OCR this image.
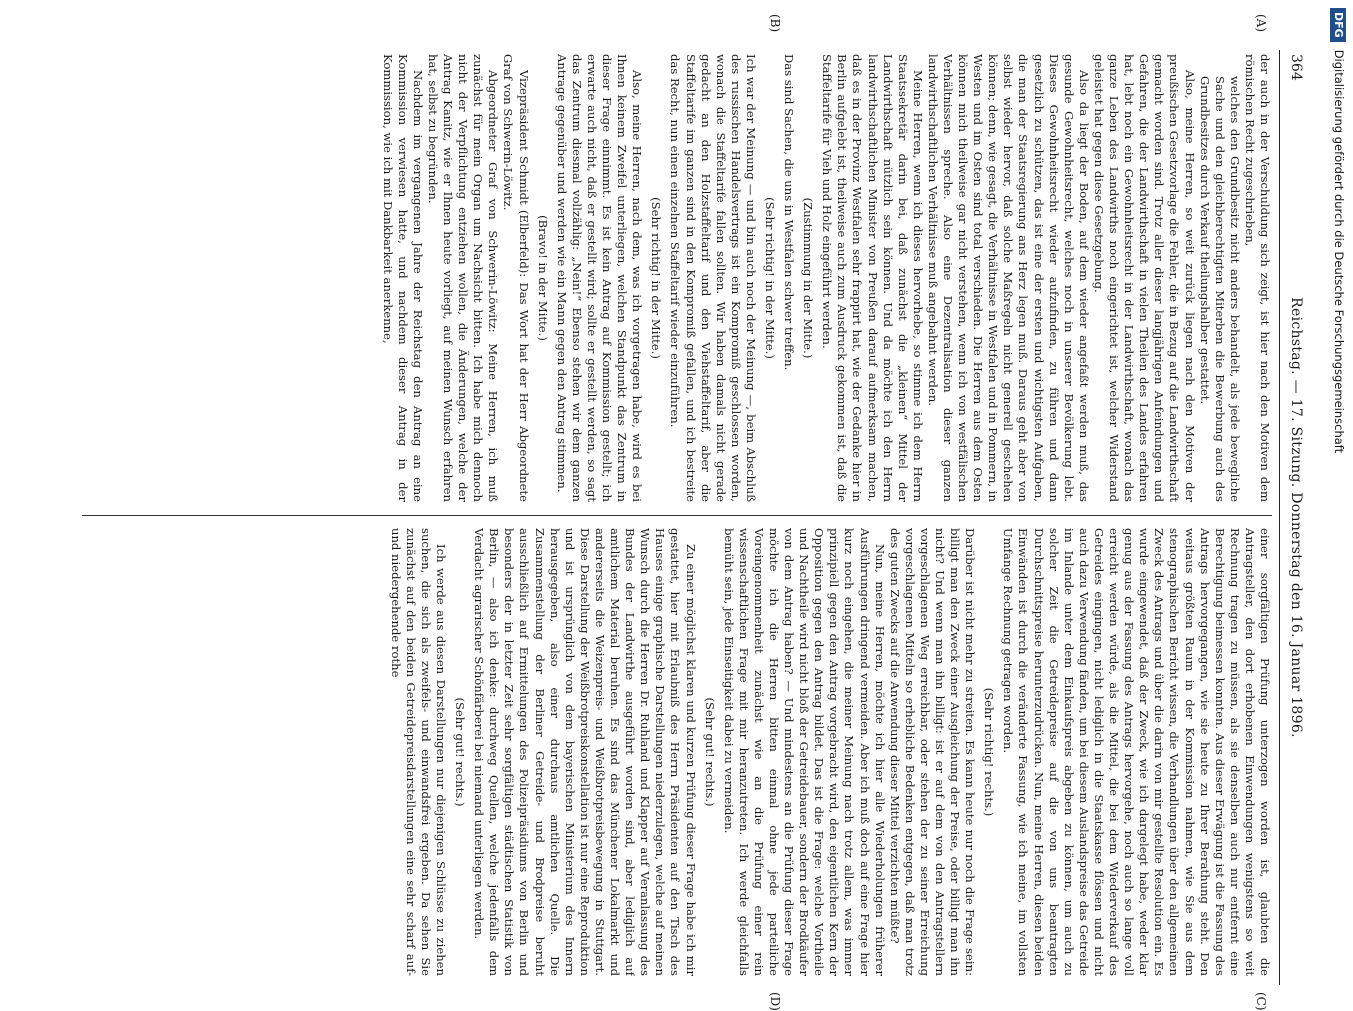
364
Reichstag. — 17. Sitzung. Donnerstag den 16. Januar 1896.
(A)
(B)
(C)
(D)

der auch in der Verschuldung sich zeigt, ist hier nach den Motiven dem römischen Recht zugeschrieben,

welches den Grundbesitz nicht anders behandelt, als jede bewegliche Sache und den gleichberechtigten Miterben die Bewerbung auch des Grundbesitzes durch Verkauf theilungshalber gestattet.

Also, meine Herren, so weit zurück liegen nach den Motiven der preußischen Gesetzvorlage die Fehler, die in Bezug auf die Landwirthschaft gemacht worden sind. Trotz aller dieser langjährigen Anfeindungen und Gefahren, die der Landwirthschaft in vielen Theilen des Landes erfahren hat, lebt noch ein Gewohnheitsrecht in der Landwirthschaft, wonach das ganze Leben des Landwirths noch eingerichtet ist, welcher Widerstand geleistet hat gegen diese Gesetzgebung.

Also da liegt der Boden, auf dem wieder angefaßt werden muß, das gesunde Gewohnheitsrecht, welches noch in unserer Bevölkerung lebt. Dieses Gewohnheitsrecht wieder aufzufinden, zu führen und dann gesetzlich zu schützen, das ist eine der ersten und wichtigsten Aufgaben, die man der Staatsregierung ans Herz legen muß. Daraus geht aber von selbst wieder hervor, daß solche Maßregeln nicht generell geschehen können; denn, wie gesagt, die Verhältnisse in Westfalen und in Pommern, in Westen und im Osten sind total verschieden. Die Herren aus dem Osten können mich theilweise gar nicht verstehen, wenn ich von westfälischen Verhältnissen spreche. Also eine Dezentralisation dieser ganzen landwirthschaftlichen Verhältnisse muß angebahnt werden.

Meine Herren, wenn ich dieses hervorhebe, so stimme ich dem Herrn Staatssekretär darin bei, daß zunächst die „kleinen“ Mittel der Landwirthschaft nützlich sein können. Und da möchte ich den Herrn landwirthschaftlichen Minister von Preußen darauf aufmerksam machen, daß es in der Provinz Westfalen sehr frappirt hat, wie der Gedanke hier in Berlin aufgelebt ist, theilweise auch zum Ausdruck gekommen ist, daß die Staffeltarife für Vieh und Holz eingeführt werden.

(Zustimmung in der Mitte.)

Das sind Sachen, die uns in Westfalen schwer treffen.

(Sehr richtig! in der Mitte.)

Ich war der Meinung — und bin auch noch der Meinung —, beim Abschluß des russischen Handelsvertrags ist ein Kompromiß geschlossen worden, wonach die Staffeltarife fallen sollten. Wir haben damals nicht gerade gedacht an den Holzstaffeltarif und den Viehstaffeltarif, aber die Staffeltarife im ganzen sind in den Kompromiß gefallen, und ich bestreite das Recht, nun einen einzelnen Staffeltarif wieder einzuführen.

(Sehr richtig! in der Mitte.)

Also, meine Herren, nach dem, was ich vorgetragen habe, wird es bei Ihnen keinem Zweifel unterliegen, welchen Standpunkt das Zentrum in dieser Frage einnimmt. Es ist kein Antrag auf Kommission gestellt; ich erwarte auch nicht, daß er gestellt wird; sollte er gestellt werden, so sagt das Zentrum diesmal vollzählig: „Nein!“ Ebenso stehen wir dem ganzen Antrage gegenüber und werden wie ein Mann gegen den Antrag stimmen.

(Bravo! in der Mitte.)

Vizepräsident Schmidt (Elberfeld): Das Wort hat der Herr Abgeordnete Graf von Schwerin-Löwitz.

Abgeordneter Graf von Schwerin-Löwitz: Meine Herren, ich muß zunächst für mein Organ um Nachsicht bitten. Ich habe mich dennoch nicht der Verpflichtung entziehen wollen, die Änderungen, welche der Antrag Kanitz, wie er Ihnen heute vorliegt, auf meinen Wunsch erfahren hat, selbst zu begründen.

Nachdem im vergangenen Jahre der Reichstag den Antrag an eine Kommission verwiesen hatte, und nachdem dieser Antrag in der Kommission, wie ich mit Dankbarkeit anerkenne,

einer sorgfältigen Prüfung unterzogen worden ist, glaubten die Antragsteller, den dort erhobenen Einwendungen wenigstens so weit Rechnung tragen zu müssen, als sie denselben auch nur entfernt eine Berechtigung beimessen konnten. Aus dieser Erwägung ist die Fassung des Antrags hervorgegangen, wie sie heute zu Ihrer Berathung steht. Den weitaus größten Raum in der Kommission nahmen, wie Sie aus dem stenographischen Bericht wissen, die Verhandlungen über den allgemeinen Zweck des Antrags und über die darin von mir gestellte Resolution ein. Es wurde eingewendet, daß der Zweck, wie ich dargelegt habe, weder klar genug aus der Fassung des Antrags hervorgehe, noch auch so lange voll erreicht werden würde, als die Mittel, die bei dem Wiederverkauf des Getreides eingingen, nicht lediglich in die Staatskasse flössen und nicht auch dazu Verwendung fänden, um bei diesem Auslandspreise das Getreide im Inlande unter dem Einkaufspreis abgeben zu können, um auch zu solcher Zeit die Getreidepreise auf die von uns beantragten Durchschnittspreise herunterzudrücken. Nun, meine Herren, diesen beiden Einwänden ist durch die veränderte Fassung, wie ich meine, im vollsten Umfange Rechnung getragen worden.

(Sehr richtig! rechts.)

Darüber ist nicht mehr zu streiten. Es kann heute nur noch die Frage sein: billigt man den Zweck einer Ausgleichung der Preise, oder billigt man ihn nicht? Und wenn man ihn billigt: ist er auf dem von den Antragstellern vorgeschlagenen Weg erreichbar, oder stehen der zu seiner Erreichung vorgeschlagenen Mitteln so erhebliche Bedenken entgegen, daß man trotz des guten Zwecks auf die Anwendung dieser Mittel verzichten müßte?

Nun, meine Herren, möchte ich hier alle Wiederholungen früherer Ausführungen dringend vermeiden. Aber ich muß doch auf eine Frage hier kurz noch eingehen, die meiner Meinung nach trotz allem, was immer prinzipiell gegen den Antrag vorgebracht wird, den eigentlichen Kern der Opposition gegen den Antrag bildet. Das ist die Frage: welche Vortheile und Nachtheile wird nicht bloß der Getreidebauer, sondern der Brodkäufer von dem Antrag haben? — Und mindestens an die Prüfung dieser Frage möchte ich die Herren bitten einmal ohne jede parteiliche Voreingenommenheit zunächst wie an die Prüfung einer rein wissenschaftlichen Frage mit mir heranzutreten. Ich werde gleichfalls bemüht sein, jede Einseitigkeit dabei zu vermeiden.

(Sehr gut! rechts.)

Zu einer möglichst klaren und kurzen Prüfung dieser Frage habe ich mir gestattet, hier mit Erlaubniß des Herrn Präsidenten auf den Tisch des Hauses einige graphische Darstellungen niederzulegen, welche auf meinen Wunsch durch die Herren Dr. Ruhland und Klapper auf Veranlassung des Bundes der Landwirthe ausgeführt worden sind, aber lediglich auf amtlichem Material beruhen. Es sind das Münchener Lokalmarkt und andererseits die Weizenpreis- und Weißbrotpreisbewegung in Stuttgart. Diese Darstellung der Weißbrotpreiskonstellation ist nur eine Reproduktion und ist ursprünglich von dem bayerischen Ministerium des Innern herausgegeben, also einer durchaus amtlichen Quelle. Die Zusammenstellung der Berliner Getreide- und Brodpreise beruht ausschließlich auf Ermittelungen des Polizeipräsidiums von Berlin und besonders der in letzter Zeit sehr sorgfältigen städtischen Statistik von Berlin, — also ich denke: durchweg Quellen, welche jedenfalls dem Verdacht agrarischer Schönfärberei bei niemand unterliegen werden.

(Sehr gut! rechts.)

Ich werde aus diesen Darstellungen nur diejenigen Schlüsse zu ziehen suchen, die sich als zweifels- und einwandsfrei ergeben. Da sehen Sie zunächst auf den beiden Getreidepreisdarstellungen eine sehr scharf auf- und niedergehende rothe

DFGDigitalisierung gefördert durch die Deutsche Forschungsgemeinschaft
